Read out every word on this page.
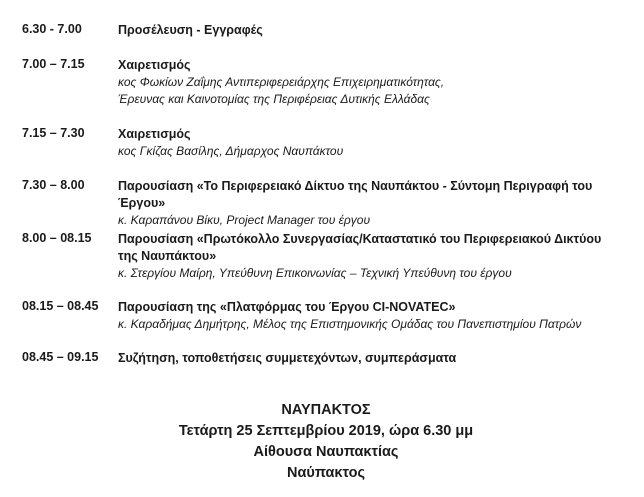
6.30 - 7.00	Προσέλευση - Εγγραφές
7.00 – 7.15	Χαιρετισμός
κος Φωκίων Ζαΐμης Αντιπεριφερειάρχης Επιχειρηματικότητας,
Έρευνας και Καινοτομίας της Περιφέρειας Δυτικής Ελλάδας
7.15 – 7.30	Χαιρετισμός
κος Γκίζας Βασίλης, Δήμαρχος Ναυπάκτου
7.30 – 8.00	Παρουσίαση «Το Περιφερειακό Δίκτυο της Ναυπάκτου - Σύντομη Περιγραφή του Έργου»
κ. Καραπάνου Βίκυ, Project Manager του έργου
8.00 – 08.15 Παρουσίαση «Πρωτόκολλο Συνεργασίας/Καταστατικό του Περιφερειακού Δικτύου
της Ναυπάκτου»
κ. Στεργίου Μαίρη, Υπεύθυνη Επικοινωνίας – Τεχνική Υπεύθυνη του έργου
08.15 – 08.45 Παρουσίαση της «Πλατφόρμας του Έργου CI-NOVATEC»
κ. Καραδήμας Δημήτρης, Μέλος της Επιστημονικής Ομάδας του Πανεπιστημίου Πατρών
08.45 – 09.15 Συζήτηση, τοποθετήσεις συμμετεχόντων, συμπεράσματα
ΝΑΥΠΑΚΤΟΣ
Τετάρτη 25 Σεπτεμβρίου 2019, ώρα 6.30 μμ
Αίθουσα Ναυπακτίας
Ναύπακτος
